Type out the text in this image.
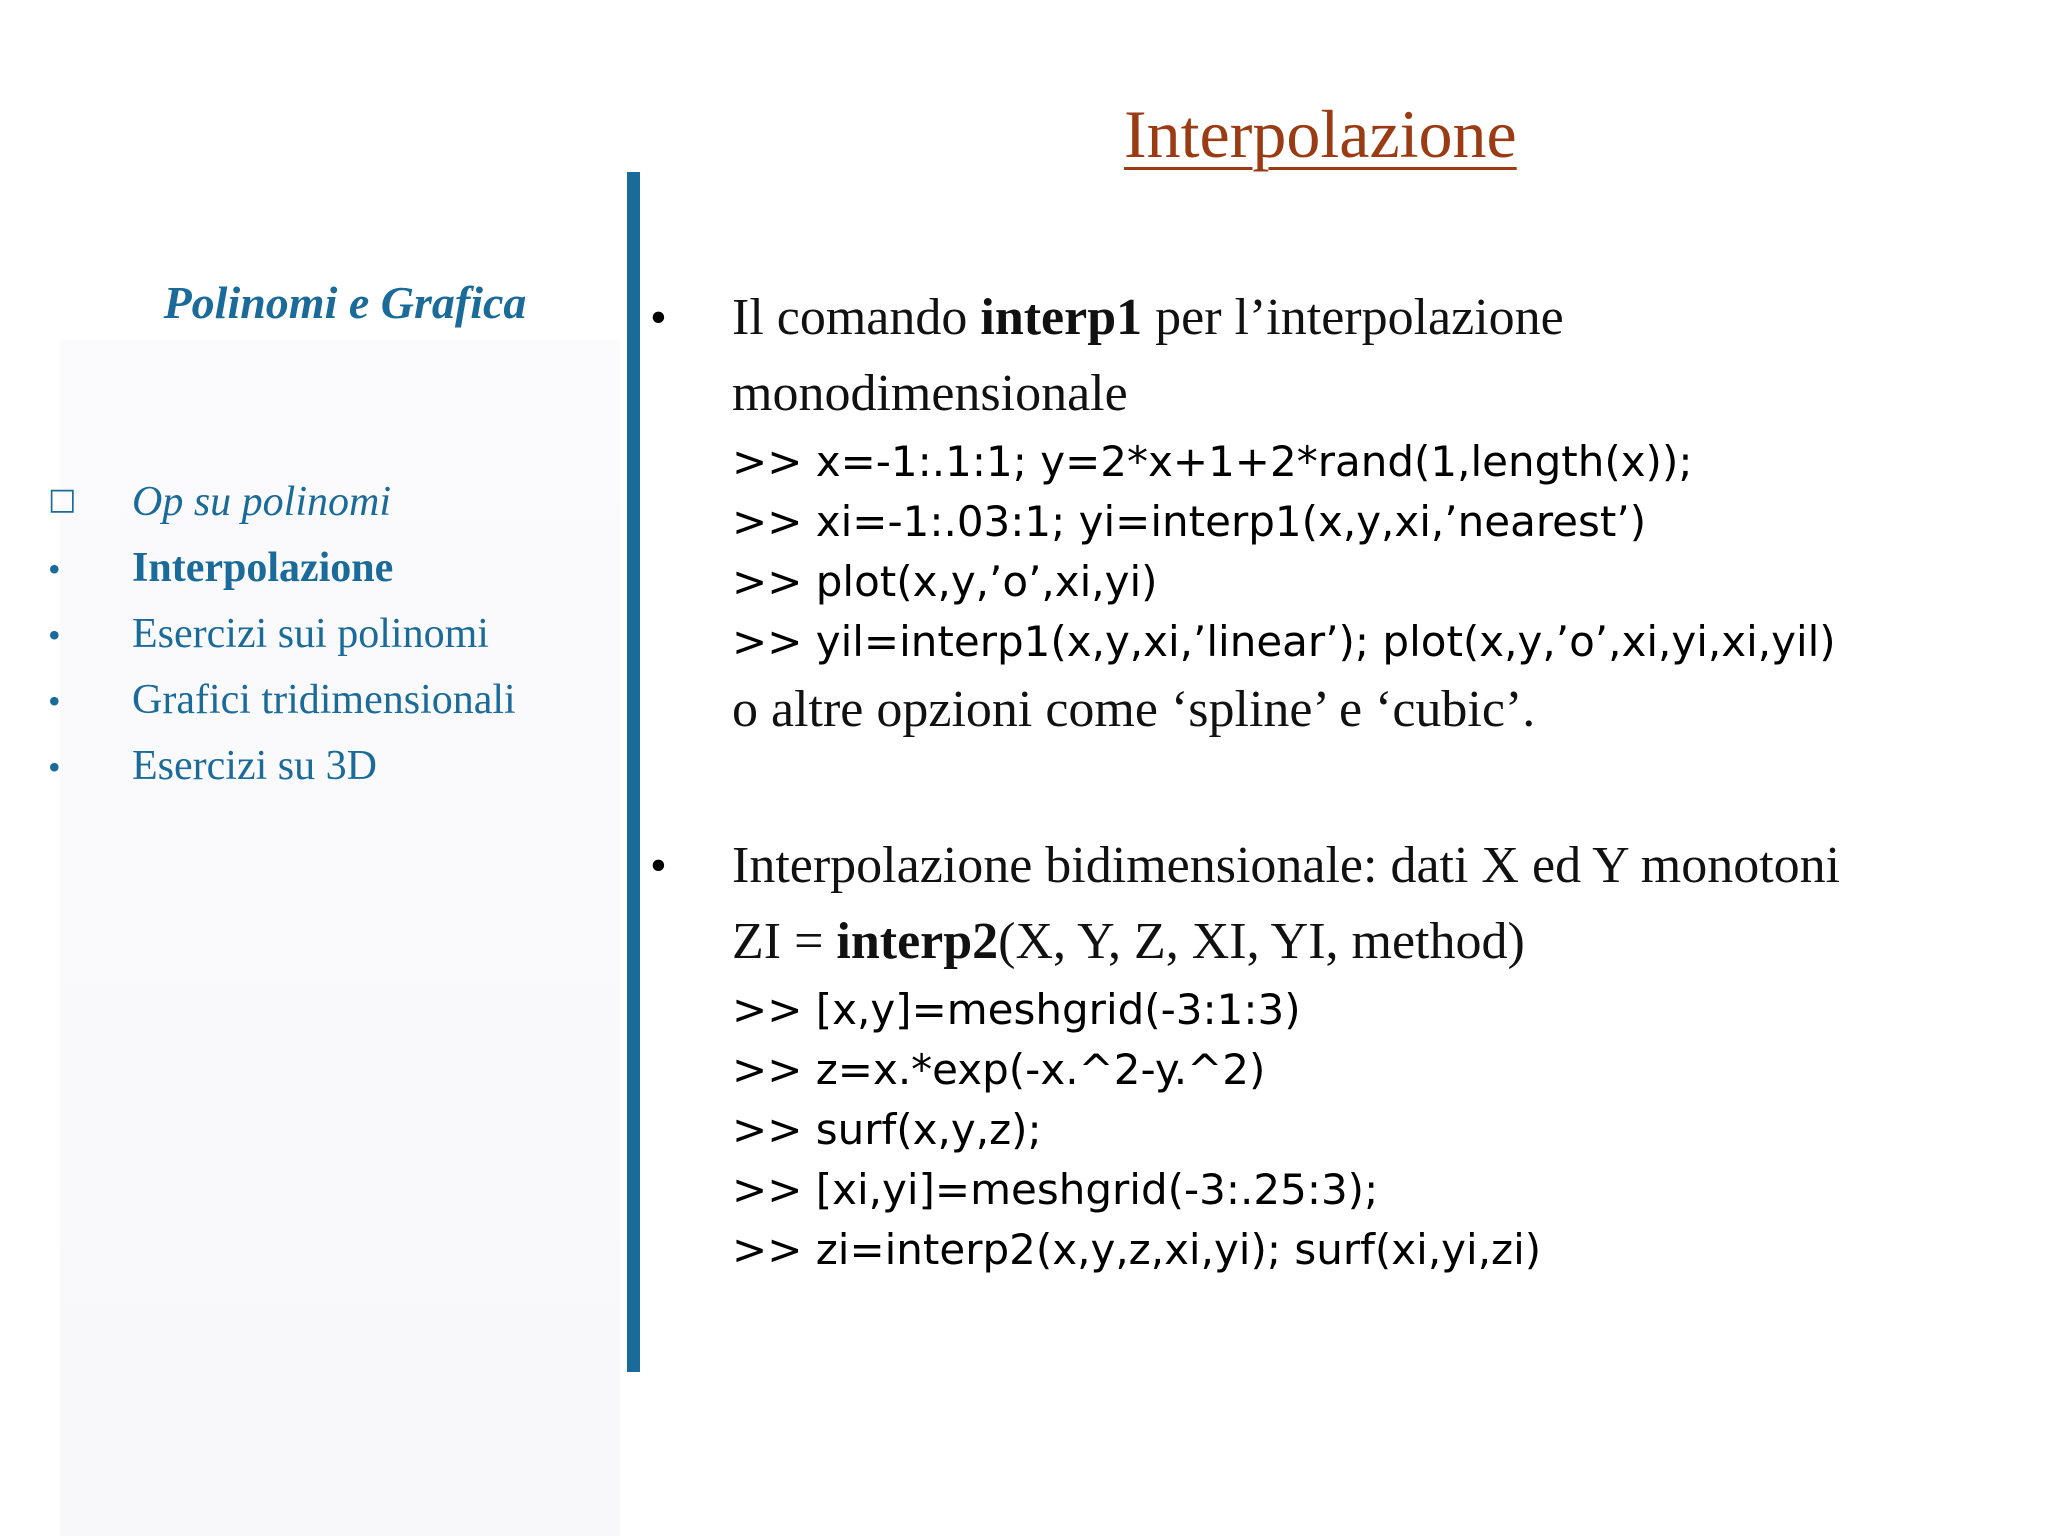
Interpolazione
Polinomi e Grafica
□	Op su polinomi
•	Interpolazione
•	Esercizi sui polinomi
•	Grafici tridimensionali
•	Esercizi su 3D
• Il comando interp1 per l’interpolazione

monodimensionale

>> x=-1:.1:1; y=2*x+1+2*rand(1,length(x));

>> xi=-1:.03:1; yi=interp1(x,y,xi,’nearest’)

>> plot(x,y,’o’,xi,yi)

>> yil=interp1(x,y,xi,’linear’); plot(x,y,’o’,xi,yi,xi,yil)

o altre opzioni come ‘spline’ e ‘cubic’.

• Interpolazione bidimensionale: dati X ed Y monotoni

ZI = interp2(X, Y, Z, XI, YI, method)

>> [x,y]=meshgrid(-3:1:3)

>> z=x.*exp(-x.^2-y.^2)

>> surf(x,y,z);

>> [xi,yi]=meshgrid(-3:.25:3);

>> zi=interp2(x,y,z,xi,yi); surf(xi,yi,zi)
